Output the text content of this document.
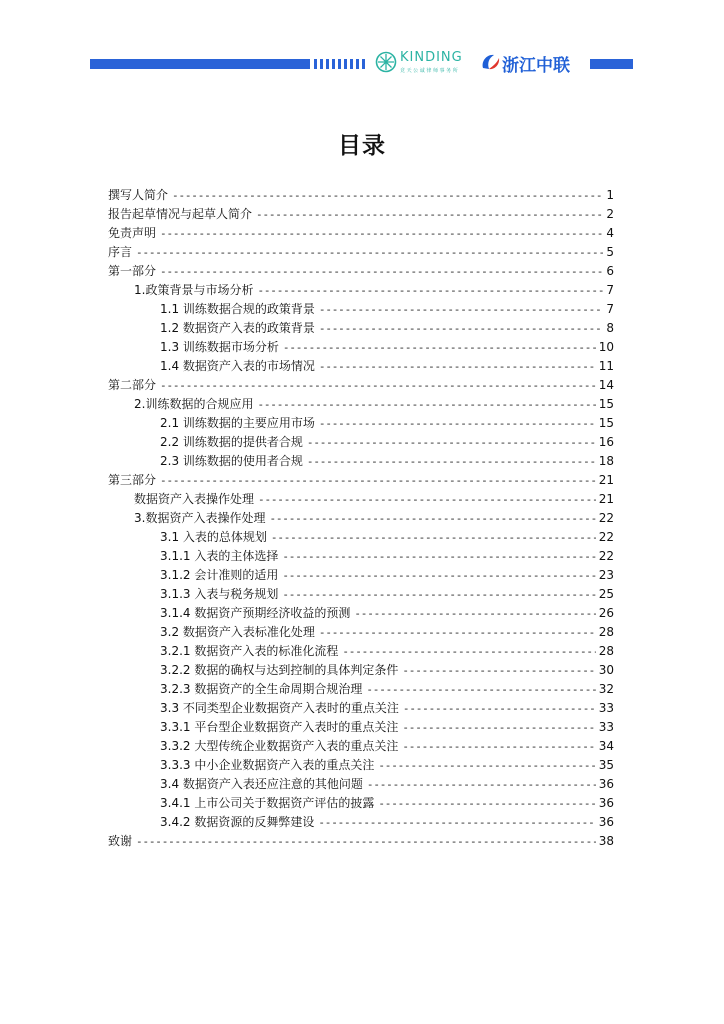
KINDING
竞 天 公 诚 律 师 事 务 所	浙江中联
目录
撰写人简介 -----	1
报告起草情况与起草人简介 -----	2
免责声明 -----	4
序言 -----	5
第一部分 -----	6
1.政策背景与市场分析 -----	7
1.1 训练数据合规的政策背景 -----	7
1.2 数据资产入表的政策背景 -----	8
1.3 训练数据市场分析 -----	10
1.4 数据资产入表的市场情况 -----	11
第二部分 -----	14
2.训练数据的合规应用 -----	15
2.1 训练数据的主要应用市场 -----	15
2.2 训练数据的提供者合规 -----	16
2.3 训练数据的使用者合规 -----	18
第三部分 -----	21
数据资产入表操作处理 -----	21
3.数据资产入表操作处理 -----	22
3.1 入表的总体规划 -----	22
3.1.1 入表的主体选择 -----	22
3.1.2 会计准则的适用 -----	23
3.1.3 入表与税务规划 -----	25
3.1.4 数据资产预期经济收益的预测 -----	26
3.2 数据资产入表标准化处理 -----	28
3.2.1 数据资产入表的标准化流程 -----	28
3.2.2 数据的确权与达到控制的具体判定条件 -----	30
3.2.3 数据资产的全生命周期合规治理 -----	32
3.3 不同类型企业数据资产入表时的重点关注 -----	33
3.3.1 平台型企业数据资产入表时的重点关注 -----	33
3.3.2 大型传统企业数据资产入表的重点关注 -----	34
3.3.3 中小企业数据资产入表的重点关注 -----	35
3.4 数据资产入表还应注意的其他问题 -----	36
3.4.1 上市公司关于数据资产评估的披露 -----	36
3.4.2 数据资源的反舞弊建设 -----	36
致谢 -----	38
